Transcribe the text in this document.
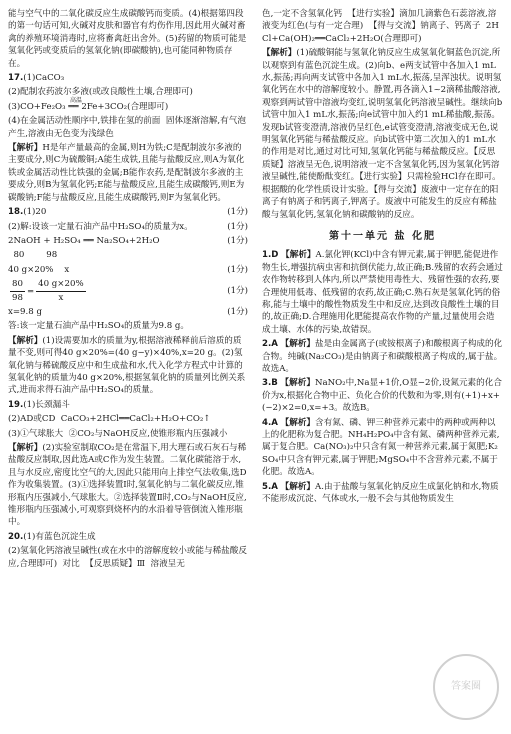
能与空气中的二氧化碳反应生成碳酸钙而变质。(4)根据第四段的第一句话可知,火碱对皮肤和器官有灼伤作用,因此用火碱对畜禽的养殖环境消毒时,应将畜禽赶出舍外。(5)药留的物质可能是氢氧化钙或变质后的氢氧化钠(即碳酸钠),也可能同种物质存在。

17.(1)CaCO₃

(2)配制农药波尔多液(或改良酸性土壤,合理即可)

高温
(3)CO+Fe₂O₃ ══ 2Fe+3CO₂(合理即可)

(4)在金属活动性顺序中,铁排在氢的前面  固体逐渐溶解,有气泡产生,溶液由无色变为浅绿色

【解析】H是年产量最高的金属,则H为铁;C是配制波尔多液的主要成分,则C为硫酸铜;A能生成铁,且能与盐酸反应,则A为氧化铁或金属活动性比铁强的金属;B能作农药,是配制波尔多液的主要成分,则B为氢氧化钙;E能与盐酸反应,且能生成碳酸钙,则E为碳酸钠;F能与盐酸反应,且能生成碳酸钙,则F为氢氧化钙。

18.(1)20	(1分)

(2)解:设该一定量石油产品中H₂SO₄的质量为x。	(1分)

2NaOH + H₂SO₄ ══ Na₂SO₄+2H₂O	(1分)

80        98

40 g×20%    x	(1分)

$\frac{80}{98} = \frac{40 g\times 20\%}{x}$	(1分)

x=9.8 g	(1分)

答:该一定量石油产品中H₂SO₄的质量为9.8 g。

【解析】(1)设需要加水的质量为y,根据溶液稀释前后溶质的质量不变,则可得40 g×20%=(40 g−y)×40%,x=20 g。(2)氢氧化钠与稀硫酸反应中和生成盐和水,代入化学方程式中计算的氢氧化钠的质量为40 g×20%,根据氢氧化钠的质量列比例关系式,进而求得石油产品中H₂SO₄的质量。

19.(1)长颈漏斗

(2)AD或CD  CaCO₃+2HCl══CaCl₂+H₂O+CO₂↑

(3)①气球胀大  ②CO₂与NaOH反应,使锥形瓶内压强减小

【解析】(2)实验室制取CO₂是在常温下,用大理石或石灰石与稀盐酸反应制取,因此选A或C作为发生装置。二氧化碳能溶于水,且与水反应,密度比空气的大,因此只能用向上排空气法收集,选D作为收集装置。(3)①选择装置Ⅰ时,氢氧化钠与二氧化碳反应,锥形瓶内压强减小,气球胀大。②选择装置Ⅱ时,CO₂与NaOH反应,锥形瓶内压强减小,可观察到烧杯内的水沿着导管倒流入锥形瓶中。

20.(1)有蓝色沉淀生成

(2)氢氧化钙溶液呈碱性(或在水中的溶解度较小或能与稀盐酸反应,合理即可)  对比  【反思质疑】Ⅲ  溶液呈无

色,一定不含氢氧化钙  【进行实验】滴加几滴紫色石蕊溶液,溶液变为红色(与有一定合理)  【得与交流】钠离子、钙离子  2HCl+Ca(OH)₂══CaCl₂+2H₂O(合理即可)

【解析】(1)硫酸铜能与氢氧化钠反应生成氢氧化铜蓝色沉淀,所以观察到有蓝色沉淀生成。(2)向b、e两支试管中各加入1 mL水,振荡;再向两支试管中各加入1 mL水,振荡,呈浑浊状。说明氢氧化钙在水中的溶解度较小。静置,再各滴入1~2滴稀盐酸溶液,观察到两试管中溶液均变红,说明氢氧化钙溶液呈碱性。继续向b试管中加入1 mL水,振荡;向e试管中加入约1 mL稀盐酸,振荡。发现b试管变澄清,溶液仍呈红色,e试管变澄清,溶液变成无色,说明氢氧化钙能与稀盐酸反应。向b试管中第二次加入的1 mL水的作用是对比,通过对比可知,氢氧化钙能与稀盐酸反应。【反思质疑】溶液呈无色,说明溶液一定不含氢氧化钙,因为氢氧化钙溶液呈碱性,能使酚酞变红。【进行实验】只需检验HCl存在即可。根据酸的化学性质设计实验。【得与交流】废液中一定存在的阳离子有钠离子和钙离子,钾离子。废液中可能发生的反应有稀盐酸与氢氧化钙,氢氧化钠和碳酸钠的反应。

第十一单元 盐 化肥

1.D 【解析】A.氯化钾(KCl)中含有钾元素,属于钾肥,能促进作物生长,增强抗病虫害和抗倒伏能力,故正确;B.残留的农药会通过农作物转移到人体内,所以严禁使用毒性大、残留性强的农药,要合理使用低毒、低残留的农药,故正确;C.熟石灰是氢氧化钙的俗称,能与土壤中的酸性物质发生中和反应,达到改良酸性土壤的目的,故正确;D.合理施用化肥能提高农作物的产量,过量使用会造成土壤、水体的污染,故错误。

2.A 【解析】盐是由金属离子(或铵根离子)和酸根离子构成的化合物。纯碱(Na₂CO₃)是由钠离子和碳酸根离子构成的,属于盐。故选A。

3.B 【解析】NaNO₂中,Na显+1价,O显−2价,设氮元素的化合价为x,根据化合物中正、负化合价的代数和为零,则有(+1)+x+(−2)×2=0,x=+3。故选B。

4.A 【解析】含有氮、磷、钾三种营养元素中的两种或两种以上的化肥称为复合肥。NH₄H₂PO₄中含有氮、磷两种营养元素,属于复合肥。Ca(NO₃)₂中只含有氮一种营养元素,属于氮肥;K₂SO₄中只含有钾元素,属于钾肥;MgSO₄中不含营养元素,不属于化肥。故选A。

5.A 【解析】A.由于盐酸与氢氧化钠反应生成氯化钠和水,物质不能形成沉淀、气体或水,一般不会与其他物质发生

答案圈
